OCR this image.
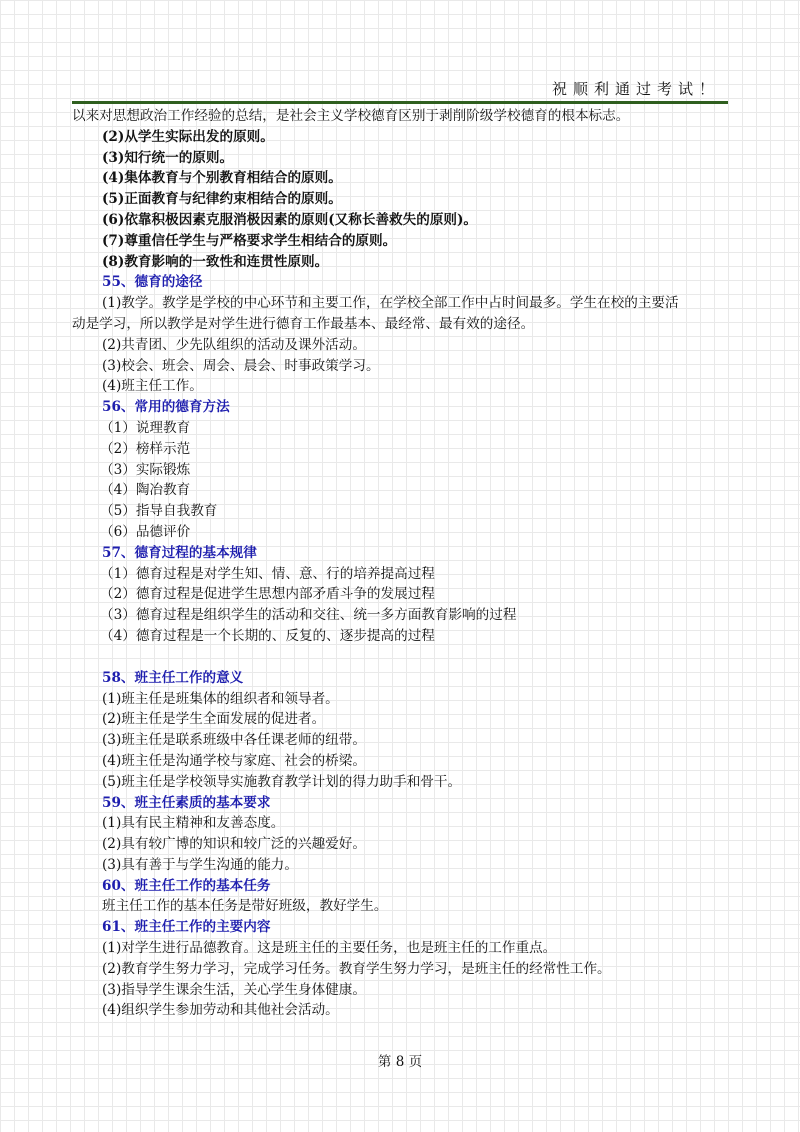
祝顺利通过考试！
以来对思想政治工作经验的总结，是社会主义学校德育区别于剥削阶级学校德育的根本标志。
(2)从学生实际出发的原则。
(3)知行统一的原则。
(4)集体教育与个别教育相结合的原则。
(5)正面教育与纪律约束相结合的原则。
(6)依靠积极因素克服消极因素的原则(又称长善救失的原则)。
(7)尊重信任学生与严格要求学生相结合的原则。
(8)教育影响的一致性和连贯性原则。
55、德育的途径
(1)教学。教学是学校的中心环节和主要工作，在学校全部工作中占时间最多。学生在校的主要活
动是学习，所以教学是对学生进行德育工作最基本、最经常、最有效的途径。
(2)共青团、少先队组织的活动及课外活动。
(3)校会、班会、周会、晨会、时事政策学习。
(4)班主任工作。
56、常用的德育方法
（1）说理教育
（2）榜样示范
（3）实际锻炼
（4）陶冶教育
（5）指导自我教育
（6）品德评价
57、德育过程的基本规律
（1）德育过程是对学生知、情、意、行的培养提高过程
（2）德育过程是促进学生思想内部矛盾斗争的发展过程
（3）德育过程是组织学生的活动和交往、统一多方面教育影响的过程
（4）德育过程是一个长期的、反复的、逐步提高的过程
58、班主任工作的意义
(1)班主任是班集体的组织者和领导者。
(2)班主任是学生全面发展的促进者。
(3)班主任是联系班级中各任课老师的纽带。
(4)班主任是沟通学校与家庭、社会的桥梁。
(5)班主任是学校领导实施教育教学计划的得力助手和骨干。
59、班主任素质的基本要求
(1)具有民主精神和友善态度。
(2)具有较广博的知识和较广泛的兴趣爱好。
(3)具有善于与学生沟通的能力。
60、班主任工作的基本任务
班主任工作的基本任务是带好班级，教好学生。
61、班主任工作的主要内容
(1)对学生进行品德教育。这是班主任的主要任务，也是班主任的工作重点。
(2)教育学生努力学习，完成学习任务。教育学生努力学习，是班主任的经常性工作。
(3)指导学生课余生活，关心学生身体健康。
(4)组织学生参加劳动和其他社会活动。
第 8 页
